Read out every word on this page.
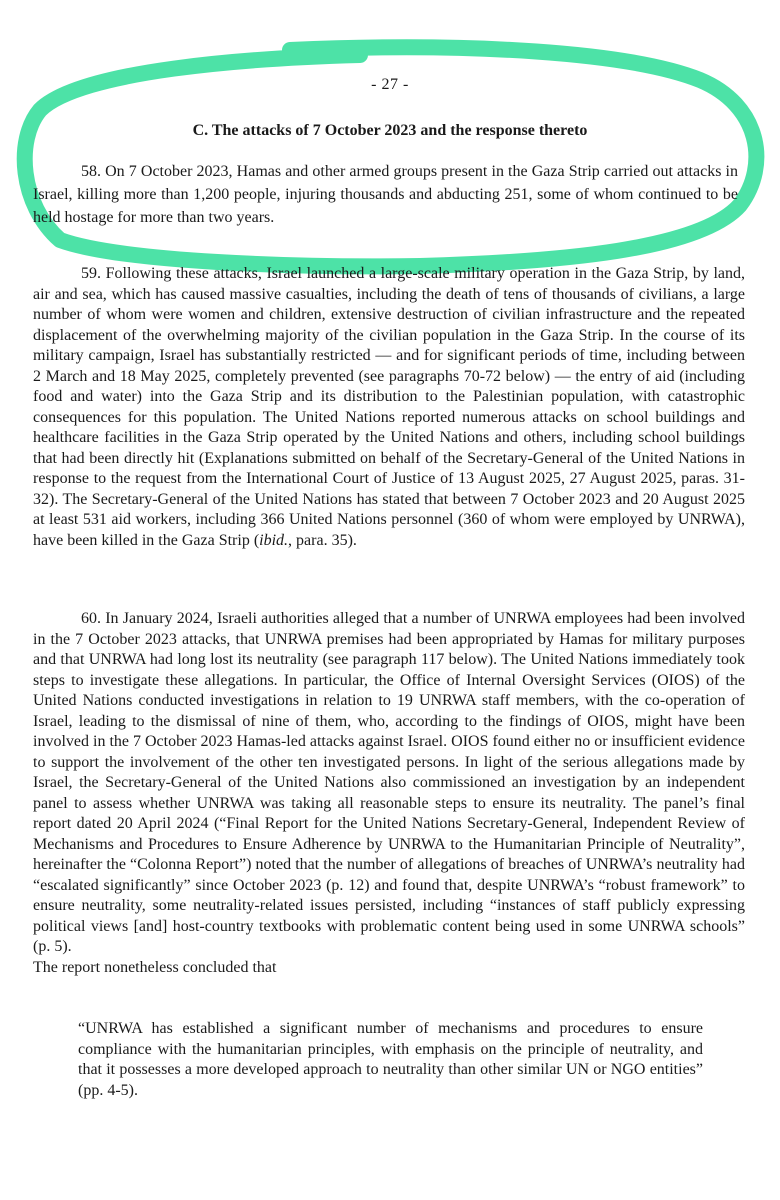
- 27 -
C. The attacks of 7 October 2023 and the response thereto

58. On 7 October 2023, Hamas and other armed groups present in the Gaza Strip carried out attacks in Israel, killing more than 1,200 people, injuring thousands and abducting 251, some of whom continued to be held hostage for more than two years.

59. Following these attacks, Israel launched a large-scale military operation in the Gaza Strip, by land, air and sea, which has caused massive casualties, including the death of tens of thousands of civilians, a large number of whom were women and children, extensive destruction of civilian infrastructure and the repeated displacement of the overwhelming majority of the civilian population in the Gaza Strip. In the course of its military campaign, Israel has substantially restricted — and for significant periods of time, including between 2 March and 18 May 2025, completely prevented (see paragraphs 70-72 below) — the entry of aid (including food and water) into the Gaza Strip and its distribution to the Palestinian population, with catastrophic consequences for this population. The United Nations reported numerous attacks on school buildings and healthcare facilities in the Gaza Strip operated by the United Nations and others, including school buildings that had been directly hit (Explanations submitted on behalf of the Secretary-General of the United Nations in response to the request from the International Court of Justice of 13 August 2025, 27 August 2025, paras. 31-32). The Secretary-General of the United Nations has stated that between 7 October 2023 and 20 August 2025 at least 531 aid workers, including 366 United Nations personnel (360 of whom were employed by UNRWA), have been killed in the Gaza Strip (ibid., para. 35).

60. In January 2024, Israeli authorities alleged that a number of UNRWA employees had been involved in the 7 October 2023 attacks, that UNRWA premises had been appropriated by Hamas for military purposes and that UNRWA had long lost its neutrality (see paragraph 117 below). The United Nations immediately took steps to investigate these allegations. In particular, the Office of Internal Oversight Services (OIOS) of the United Nations conducted investigations in relation to 19 UNRWA staff members, with the co-operation of Israel, leading to the dismissal of nine of them, who, according to the findings of OIOS, might have been involved in the 7 October 2023 Hamas-led attacks against Israel. OIOS found either no or insufficient evidence to support the involvement of the other ten investigated persons. In light of the serious allegations made by Israel, the Secretary-General of the United Nations also commissioned an investigation by an independent panel to assess whether UNRWA was taking all reasonable steps to ensure its neutrality. The panel’s final report dated 20 April 2024 (“Final Report for the United Nations Secretary-General, Independent Review of Mechanisms and Procedures to Ensure Adherence by UNRWA to the Humanitarian Principle of Neutrality”, hereinafter the “Colonna Report”) noted that the number of allegations of breaches of UNRWA’s neutrality had “escalated significantly” since October 2023 (p. 12) and found that, despite UNRWA’s “robust framework” to ensure neutrality, some neutrality-related issues persisted, including “instances of staff publicly expressing political views [and] host-country textbooks with problematic content being used in some UNRWA schools” (p. 5).
The report nonetheless concluded that

“UNRWA has established a significant number of mechanisms and procedures to ensure compliance with the humanitarian principles, with emphasis on the principle of neutrality, and that it possesses a more developed approach to neutrality than other similar UN or NGO entities” (pp. 4-5).
